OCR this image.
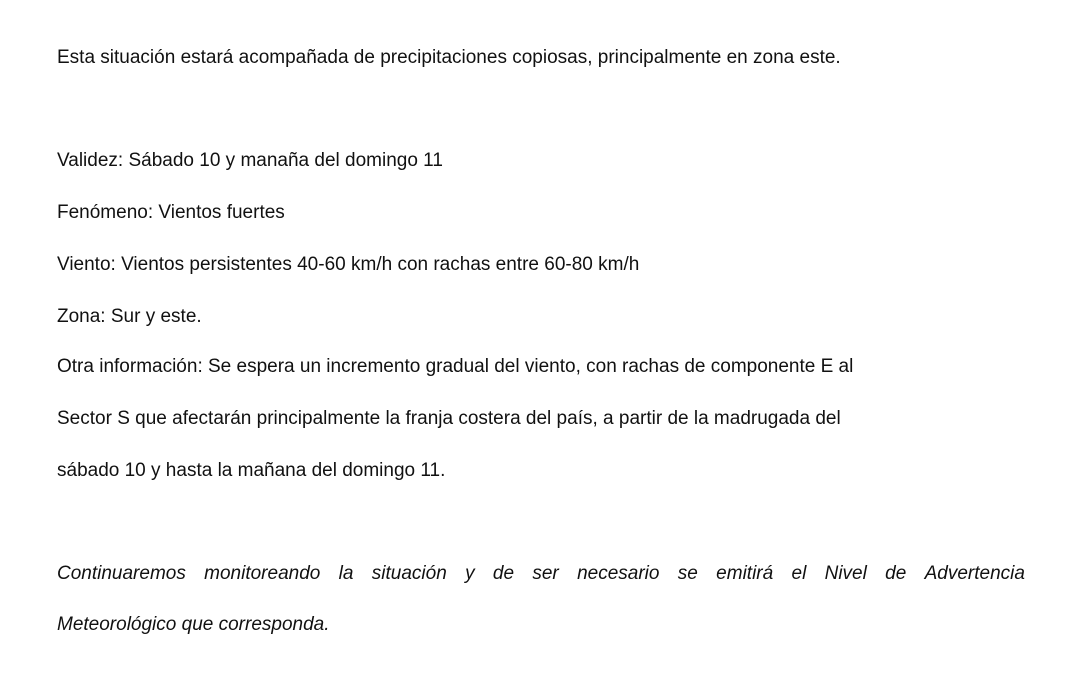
Esta situación estará acompañada de precipitaciones copiosas, principalmente en zona este.

Validez: Sábado 10 y manaña del domingo 11

Fenómeno: Vientos fuertes

Viento: Vientos persistentes 40-60 km/h con rachas entre 60-80 km/h

Zona: Sur y este.

Otra información: Se espera un incremento gradual del viento, con rachas de componente E al

Sector S que afectarán principalmente la franja costera del país, a partir de la madrugada del

sábado 10 y hasta la mañana del domingo 11.

Continuaremos monitoreando la situación y de ser necesario se emitirá el Nivel de Advertencia

Meteorológico que corresponda.
